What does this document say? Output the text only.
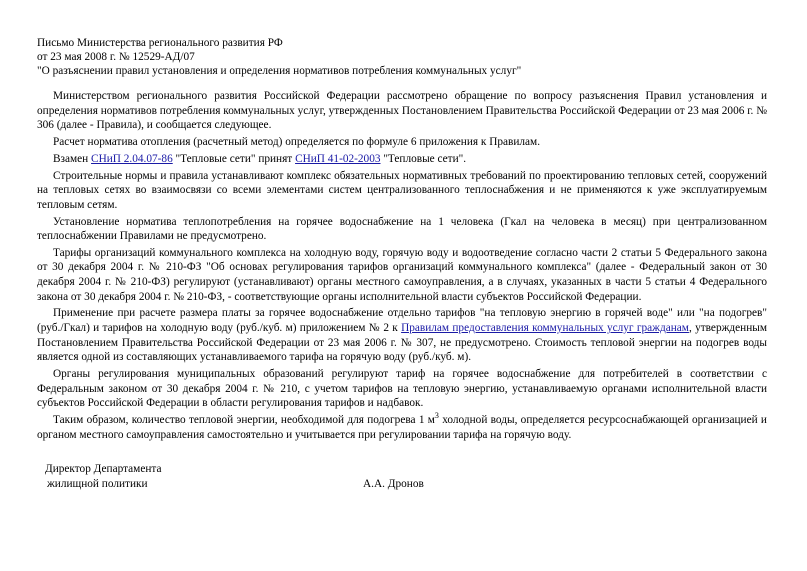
Письмо Министерства регионального развития РФ
от 23 мая 2008 г. № 12529-АД/07
"О разъяснении правил установления и определения нормативов потребления коммунальных услуг"

Министерством регионального развития Российской Федерации рассмотрено обращение по вопросу разъяснения Правил установления и определения нормативов потребления коммунальных услуг, утвержденных Постановлением Правительства Российской Федерации от 23 мая 2006 г. № 306 (далее - Правила), и сообщается следующее.

Расчет норматива отопления (расчетный метод) определяется по формуле 6 приложения к Правилам.

Взамен СНиП 2.04.07-86 "Тепловые сети" принят СНиП 41-02-2003 "Тепловые сети".

Строительные нормы и правила устанавливают комплекс обязательных нормативных требований по проектированию тепловых сетей, сооружений на тепловых сетях во взаимосвязи со всеми элементами систем централизованного теплоснабжения и не применяются к уже эксплуатируемым тепловым сетям.

Установление норматива теплопотребления на горячее водоснабжение на 1 человека (Гкал на человека в месяц) при централизованном теплоснабжении Правилами не предусмотрено.

Тарифы организаций коммунального комплекса на холодную воду, горячую воду и водоотведение согласно части 2 статьи 5 Федерального закона от 30 декабря 2004 г. № 210-ФЗ "Об основах регулирования тарифов организаций коммунального комплекса" (далее - Федеральный закон от 30 декабря 2004 г. № 210-ФЗ) регулируют (устанавливают) органы местного самоуправления, а в случаях, указанных в части 5 статьи 4 Федерального закона от 30 декабря 2004 г. № 210-ФЗ, - соответствующие органы исполнительной власти субъектов Российской Федерации.

Применение при расчете размера платы за горячее водоснабжение отдельно тарифов "на тепловую энергию в горячей воде" или "на подогрев" (руб./Гкал) и тарифов на холодную воду (руб./куб. м) приложением № 2 к Правилам предоставления коммунальных услуг гражданам, утвержденным Постановлением Правительства Российской Федерации от 23 мая 2006 г. № 307, не предусмотрено. Стоимость тепловой энергии на подогрев воды является одной из составляющих устанавливаемого тарифа на горячую воду (руб./куб. м).

Органы регулирования муниципальных образований регулируют тариф на горячее водоснабжение для потребителей в соответствии с Федеральным законом от 30 декабря 2004 г. № 210, с учетом тарифов на тепловую энергию, устанавливаемую органами исполнительной власти субъектов Российской Федерации в области регулирования тарифов и надбавок.

Таким образом, количество тепловой энергии, необходимой для подогрева 1 $м^3$ холодной воды, определяется ресурсоснабжающей организацией и органом местного самоуправления самостоятельно и учитывается при регулировании тарифа на горячую воду.

Директор Департамента
жилищной политики	А.А. Дронов
